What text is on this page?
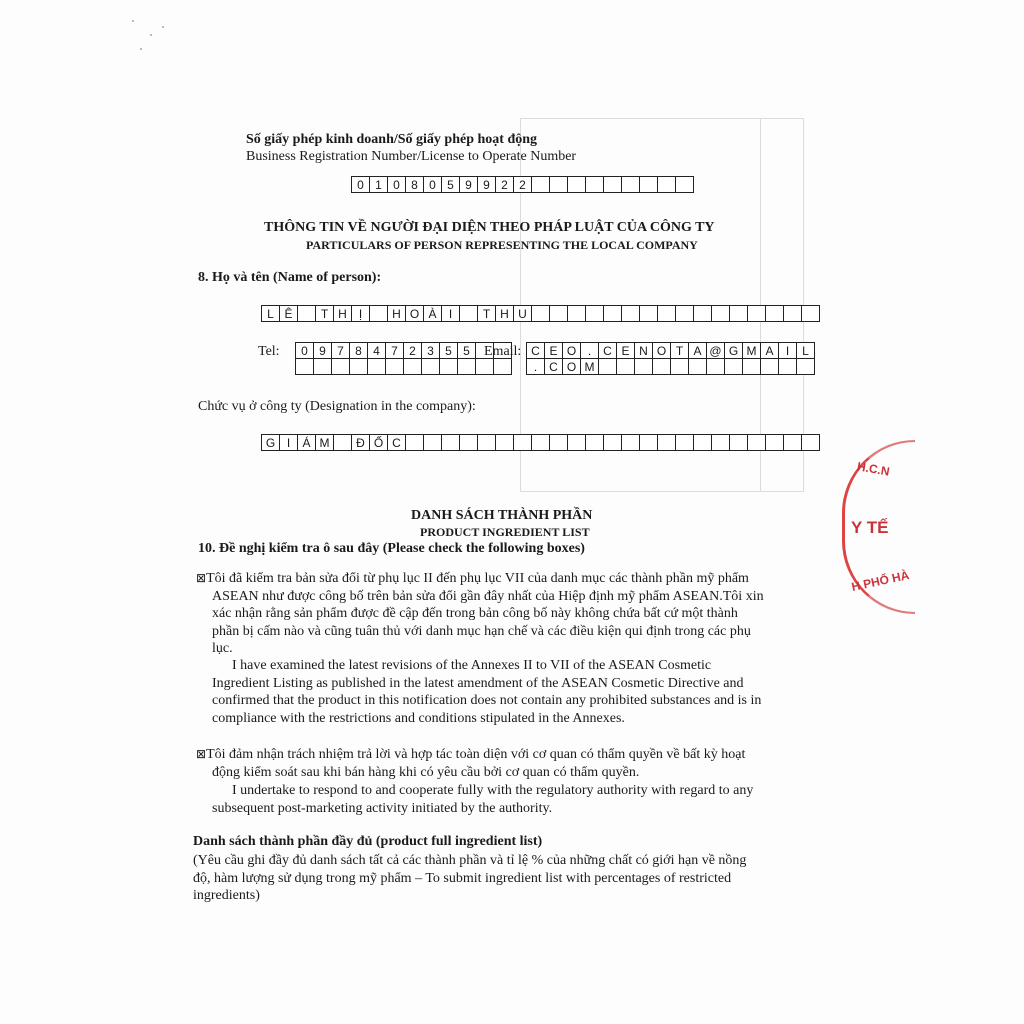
Số giấy phép kinh doanh/Số giấy phép hoạt động
Business Registration Number/License to Operate Number
0 1 0 8 0 5 9 9 2 2
THÔNG TIN VỀ NGƯỜI ĐẠI DIỆN THEO PHÁP LUẬT CỦA CÔNG TY
PARTICULARS OF PERSON REPRESENTING THE LOCAL COMPANY
8. Họ và tên (Name of person):
L Ê	T H	Ị	H O À	I	T H U
Tel:	0 9 7 8 4 7 2 3 5 5	Email: C E O . C E N O T A @ G M A	I	L
. C O M
Chức vụ ở công ty (Designation in the company):
G I	Á M	Đ Ố C
DANH SÁCH THÀNH PHẦN
PRODUCT INGREDIENT LIST
10. Đề nghị kiểm tra ô sau đây (Please check the following boxes)
⊠Tôi đã kiểm tra bản sửa đổi từ phụ lục II đến phụ lục VII của danh mục các thành phần mỹ phẩm
ASEAN như được công bố trên bản sửa đổi gần đây nhất của Hiệp định mỹ phẩm ASEAN.Tôi xin
xác nhận rằng sản phẩm được đề cập đến trong bản công bố này không chứa bất cứ một thành
phần bị cấm nào và cũng tuân thủ với danh mục hạn chế và các điều kiện qui định trong các phụ
lục.
I have examined the latest revisions of the Annexes II to VII of the ASEAN Cosmetic
Ingredient Listing as published in the latest amendment of the ASEAN Cosmetic Directive and
confirmed that the product in this notification does not contain any prohibited substances and is in
compliance with the restrictions and conditions stipulated in the Annexes.
⊠Tôi đảm nhận trách nhiệm trả lời và hợp tác toàn diện với cơ quan có thẩm quyền về bất kỳ hoạt
động kiểm soát sau khi bán hàng khi có yêu cầu bởi cơ quan có thẩm quyền.
I undertake to respond to and cooperate fully with the regulatory authority with regard to any
subsequent post-marketing activity initiated by the authority.
Danh sách thành phần đầy đủ (product full ingredient list)
(Yêu cầu ghi đầy đủ danh sách tất cả các thành phần và tỉ lệ % của những chất có giới hạn về nồng
độ, hàm lượng sử dụng trong mỹ phẩm – To submit ingredient list with percentages of restricted
ingredients)
H.C.N
Y TẾ
H PHỐ HÀ
